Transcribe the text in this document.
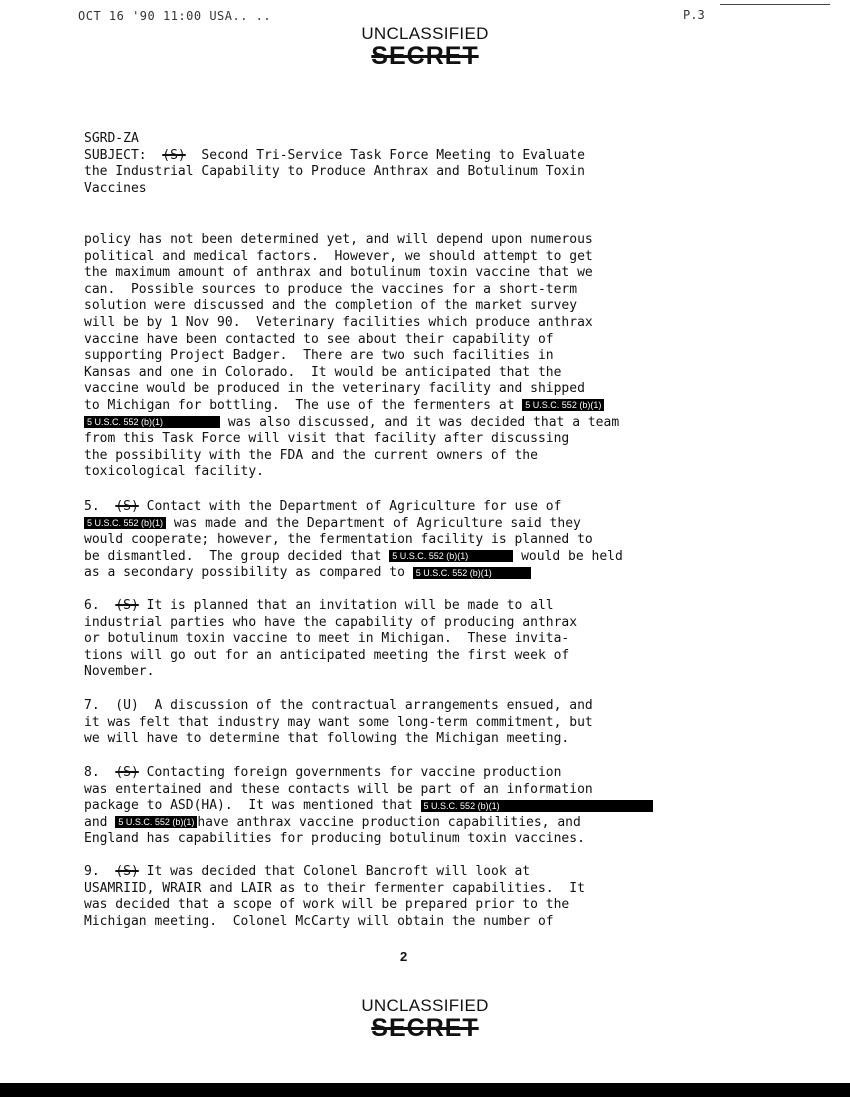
OCT 16 '90 11:00 USA.. ..	P.3
UNCLASSIFIED
SECRET
SGRD-ZA
SUBJECT: (S) Second Tri-Service Task Force Meeting to Evaluate
the Industrial Capability to Produce Anthrax and Botulinum Toxin
Vaccines
policy has not been determined yet, and will depend upon numerous
political and medical factors.  However, we should attempt to get
the maximum amount of anthrax and botulinum toxin vaccine that we
can.  Possible sources to produce the vaccines for a short-term
solution were discussed and the completion of the market survey
will be by 1 Nov 90.  Veterinary facilities which produce anthrax
vaccine have been contacted to see about their capability of
supporting Project Badger.  There are two such facilities in
Kansas and one in Colorado.  It would be anticipated that the
vaccine would be produced in the veterinary facility and shipped
to Michigan for bottling.  The use of the fermenters at 5 U.S.C. 552 (b)(1)
5 U.S.C. 552 (b)(1)	was also discussed, and it was decided that a team
from this Task Force will visit that facility after discussing
the possibility with the FDA and the current owners of the
toxicological facility.
5. (S) Contact with the Department of Agriculture for use of
5 U.S.C. 552 (b)(1) was made and the Department of Agriculture said they
would cooperate; however, the fermentation facility is planned to
be dismantled.  The group decided that 5 U.S.C. 552 (b)(1)	would be held
as a secondary possibility as compared to 5 U.S.C. 552 (b)(1)
6. (S) It is planned that an invitation will be made to all
industrial parties who have the capability of producing anthrax
or botulinum toxin vaccine to meet in Michigan.  These invita-
tions will go out for an anticipated meeting the first week of
November.
7.  (U)  A discussion of the contractual arrangements ensued, and
it was felt that industry may want some long-term commitment, but
we will have to determine that following the Michigan meeting.
8. (S) Contacting foreign governments for vaccine production
was entertained and these contacts will be part of an information
package to ASD(HA).  It was mentioned that 5 U.S.C. 552 (b)(1)
and 5 U.S.C. 552 (b)(1) have anthrax vaccine production capabilities, and
England has capabilities for producing botulinum toxin vaccines.
9. (S) It was decided that Colonel Bancroft will look at
USAMRIID, WRAIR and LAIR as to their fermenter capabilities.  It
was decided that a scope of work will be prepared prior to the
Michigan meeting.  Colonel McCarty will obtain the number of
2
UNCLASSIFIED
SECRET
